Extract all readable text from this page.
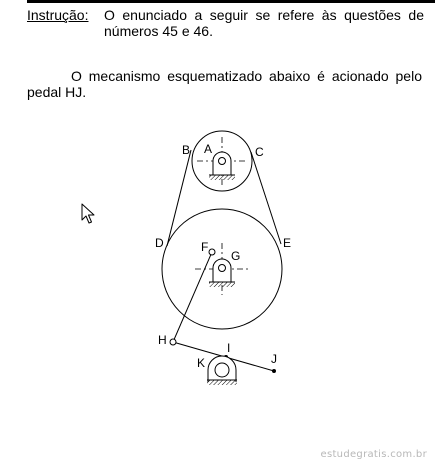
Instrução: O enunciado a seguir se refere às questões de números 45 e 46.
O mecanismo esquematizado abaixo é acionado pelo pedal HJ.
A
B	C
D	E
F
G
H
I
J
K
estudegratis.com.br
